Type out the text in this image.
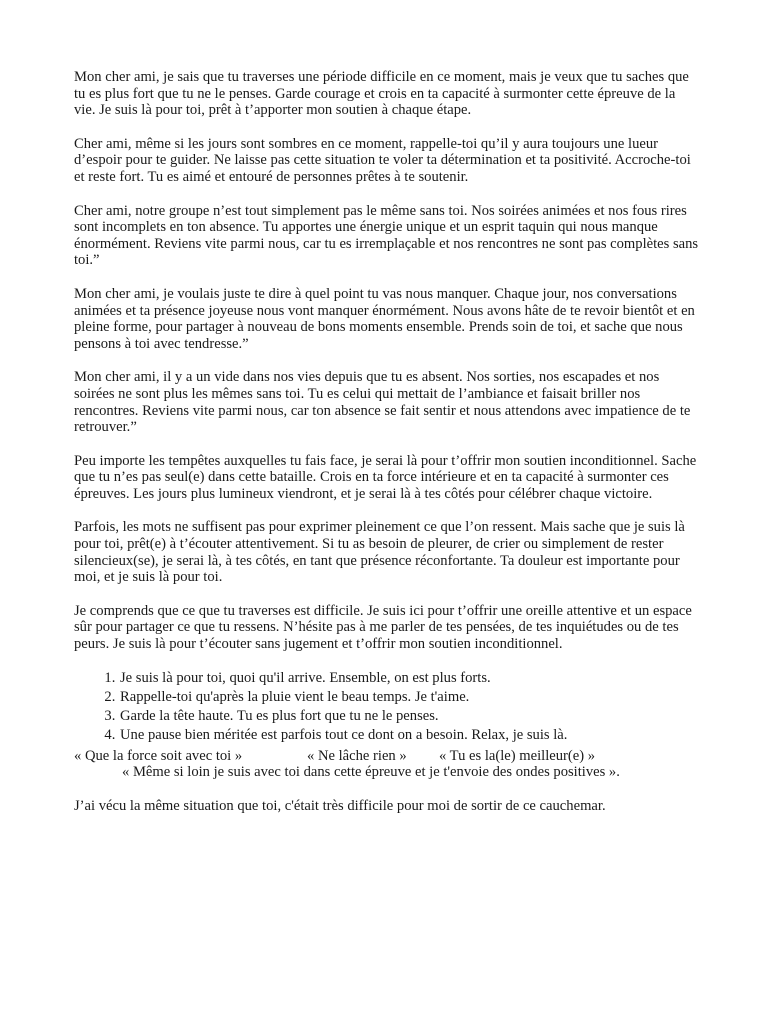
Mon cher ami, je sais que tu traverses une période difficile en ce moment, mais je veux que tu saches que tu es plus fort que tu ne le penses. Garde courage et crois en ta capacité à surmonter cette épreuve de la vie. Je suis là pour toi, prêt à t’apporter mon soutien à chaque étape.

Cher ami, même si les jours sont sombres en ce moment, rappelle-toi qu’il y aura toujours une lueur d’espoir pour te guider. Ne laisse pas cette situation te voler ta détermination et ta positivité. Accroche-toi et reste fort. Tu es aimé et entouré de personnes prêtes à te soutenir.

Cher ami, notre groupe n’est tout simplement pas le même sans toi. Nos soirées animées et nos fous rires sont incomplets en ton absence. Tu apportes une énergie unique et un esprit taquin qui nous manque énormément. Reviens vite parmi nous, car tu es irremplaçable et nos rencontres ne sont pas complètes sans toi.”

Mon cher ami, je voulais juste te dire à quel point tu vas nous manquer. Chaque jour, nos conversations animées et ta présence joyeuse nous vont manquer énormément. Nous avons hâte de te revoir bientôt et en pleine forme, pour partager à nouveau de bons moments ensemble. Prends soin de toi, et sache que nous pensons à toi avec tendresse.”

Mon cher ami, il y a un vide dans nos vies depuis que tu es absent. Nos sorties, nos escapades et nos soirées ne sont plus les mêmes sans toi. Tu es celui qui mettait de l’ambiance et faisait briller nos rencontres. Reviens vite parmi nous, car ton absence se fait sentir et nous attendons avec impatience de te retrouver.”

Peu importe les tempêtes auxquelles tu fais face, je serai là pour t’offrir mon soutien inconditionnel. Sache que tu n’es pas seul(e) dans cette bataille. Crois en ta force intérieure et en ta capacité à surmonter ces épreuves. Les jours plus lumineux viendront, et je serai là à tes côtés pour célébrer chaque victoire.

Parfois, les mots ne suffisent pas pour exprimer pleinement ce que l’on ressent. Mais sache que je suis là pour toi, prêt(e) à t’écouter attentivement. Si tu as besoin de pleurer, de crier ou simplement de rester silencieux(se), je serai là, à tes côtés, en tant que présence réconfortante. Ta douleur est importante pour moi, et je suis là pour toi.

Je comprends que ce que tu traverses est difficile. Je suis ici pour t’offrir une oreille attentive et un espace sûr pour partager ce que tu ressens. N’hésite pas à me parler de tes pensées, de tes inquiétudes ou de tes peurs. Je suis là pour t’écouter sans jugement et t’offrir mon soutien inconditionnel.

1. Je suis là pour toi, quoi qu'il arrive. Ensemble, on est plus forts.
2. Rappelle-toi qu'après la pluie vient le beau temps. Je t'aime.
3. Garde la tête haute. Tu es plus fort que tu ne le penses.
4. Une pause bien méritée est parfois tout ce dont on a besoin. Relax, je suis là.
« Que la force soit avec toi »	« Ne lâche rien »	« Tu es la(le) meilleur(e) »
« Même si loin je suis avec toi dans cette épreuve et je t'envoie des ondes positives ».

J’ai vécu la même situation que toi, c'était très difficile pour moi de sortir de ce cauchemar.
